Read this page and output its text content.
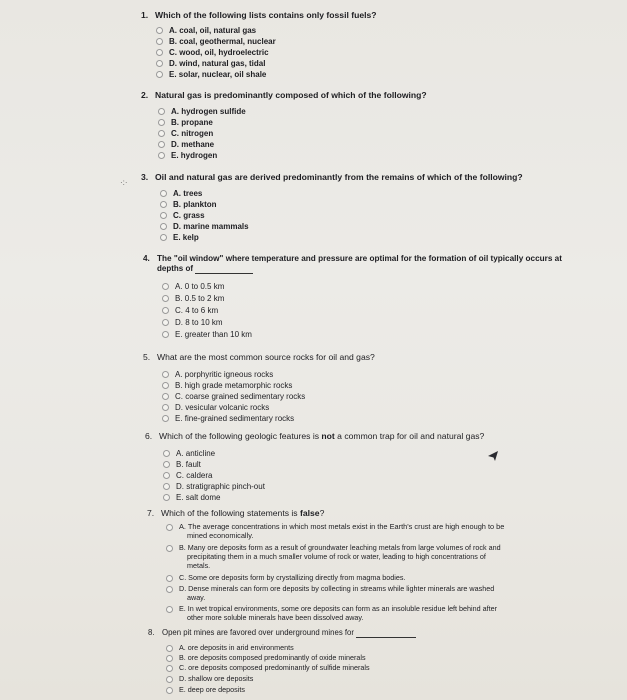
1. Which of the following lists contains only fossil fuels?
A. coal, oil, natural gas
B. coal, geothermal, nuclear
C. wood, oil, hydroelectric
D. wind, natural gas, tidal
E. solar, nuclear, oil shale
2. Natural gas is predominantly composed of which of the following?
A. hydrogen sulfide
B. propane
C. nitrogen
D. methane
E. hydrogen
·:·
3. Oil and natural gas are derived predominantly from the remains of which of the following?
A. trees
B. plankton
C. grass
D. marine mammals
E. kelp
4. The "oil window" where temperature and pressure are optimal for the formation of oil typically occurs at
depths of
A. 0 to 0.5 km
B. 0.5 to 2 km
C. 4 to 6 km
D. 8 to 10 km
E. greater than 10 km
5. What are the most common source rocks for oil and gas?
A. porphyritic igneous rocks
B. high grade metamorphic rocks
C. coarse grained sedimentary rocks
D. vesicular volcanic rocks
E. fine-grained sedimentary rocks
6. Which of the following geologic features is not a common trap for oil and natural gas?
A. anticline
B. fault
C. caldera
D. stratigraphic pinch-out
E. salt dome
7. Which of the following statements is false?
A. The average concentrations in which most metals exist in the Earth's crust are high enough to be
mined economically.
B. Many ore deposits form as a result of groundwater leaching metals from large volumes of rock and
precipitating them in a much smaller volume of rock or water, leading to high concentrations of
metals.
C. Some ore deposits form by crystallizing directly from magma bodies.
D. Dense minerals can form ore deposits by collecting in streams while lighter minerals are washed
away.
E. In wet tropical environments, some ore deposits can form as an insoluble residue left behind after
other more soluble minerals have been dissolved away.
8. Open pit mines are favored over underground mines for
A. ore deposits in arid environments
B. ore deposits composed predominantly of oxide minerals
C. ore deposits composed predominantly of sulfide minerals
D. shallow ore deposits
E. deep ore deposits
